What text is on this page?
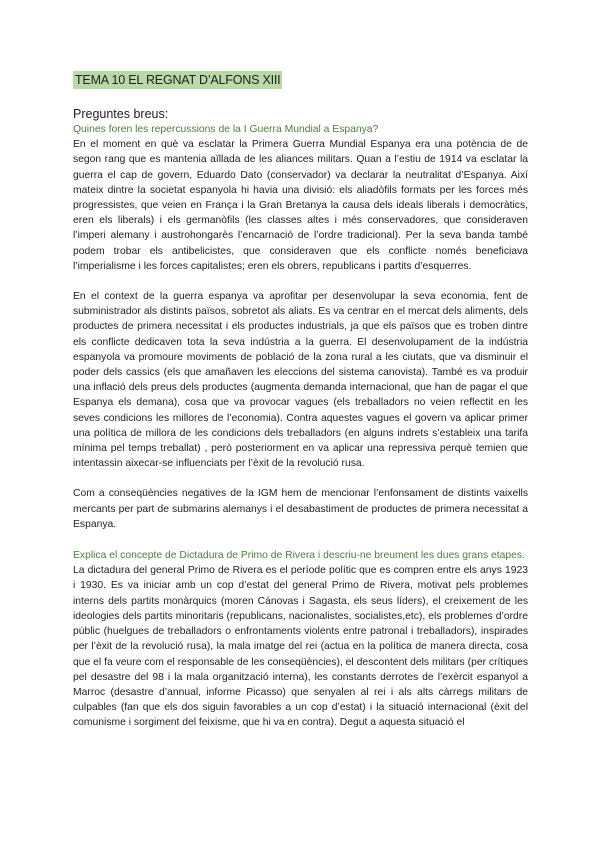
TEMA 10 EL REGNAT D’ALFONS XIII
Preguntes breus:

Quines foren les repercussions de la I Guerra Mundial a Espanya?

En el moment en què va esclatar la Primera Guerra Mundial Espanya era una potència de de segon rang que es mantenia aïllada de les aliances militars. Quan a l’estiu de 1914 va esclatar la guerra el cap de govern, Eduardo Dato (conservador) va declarar la neutralitat d’Espanya. Així mateix dintre la societat espanyola hi havia una divisió: els aliadòfils formats per les forces més progressistes, que veien en França i la Gran Bretanya la causa dels ideals liberals i democràtics, eren els liberals) i els germanòfils (les classes altes i més conservadores, que consideraven l’imperi alemany i austrohongarès l’encarnació de l’ordre tradicional). Per la seva banda també podem trobar els antibelicistes, que consideraven que els conflicte només beneficiava l’imperialisme i les forces capitalistes; eren els obrers, republicans i partits d’esquerres.

En el context de la guerra espanya va aprofitar per desenvolupar la seva economia, fent de subministrador als distints països, sobretot als aliats. Es va centrar en el mercat dels aliments, dels productes de primera necessitat i els productes industrials, ja que els països que es troben dintre els conflicte dedicaven tota la seva indústria a la guerra. El desenvolupament de la indústria espanyola va promoure moviments de població de la zona rural a les ciutats, que va disminuir el poder dels cassics (els que amañaven les eleccions del sistema canovista). També es va produir una inflació dels preus dels productes (augmenta demanda internacional, que han de pagar el que Espanya els demana), cosa que va provocar vagues (els treballadors no veien reflectit en les seves condicions les millores de l’economia). Contra aquestes vagues el govern va aplicar primer una política de millora de les condicions dels treballadors (en alguns indrets s’estableix una tarifa mínima pel temps treballat) , però posteriorment en va aplicar una repressiva perquè temien que intentassin aixecar-se influenciats per l’èxit de la revolució rusa.

Com a conseqüències negatives de la IGM hem de mencionar l’enfonsament de distints vaixells mercants per part de submarins alemanys i el desabastiment de productes de primera necessitat a Espanya.

Explica el concepte de Dictadura de Primo de Rivera i descriu-ne breument les dues grans etapes.

La dictadura del general Primo de Rivera es el període polític que es compren entre els anys 1923 i 1930. Es va iniciar amb un cop d’estat del general Primo de Rivera, motivat pels problemes interns dels partits monàrquics (moren Cánovas i Sagasta, els seus líders), el creixement de les ideologies dels partits minoritaris (republicans, nacionalistes, socialistes,etc), els problemes d’ordre públic (huelgues de treballadors o enfrontaments violents entre patronal i treballadors), inspirades per l’èxit de la revolució rusa), la mala imatge del rei (actua en la política de manera directa, cosa que el fa veure com el responsable de les conseqüències), el descontent dels militars (per crítiques pel desastre del 98 i la mala organització interna), les constants derrotes de l’exèrcit espanyol a Marroc (desastre d’annual, informe Picasso) que senyalen al rei i als alts càrregs militars de culpables (fan que els dos siguin favorables a un cop d’estat) i la situació internacional (èxit del comunisme i sorgiment del feixisme, que hi va en contra). Degut a aquesta situació el
